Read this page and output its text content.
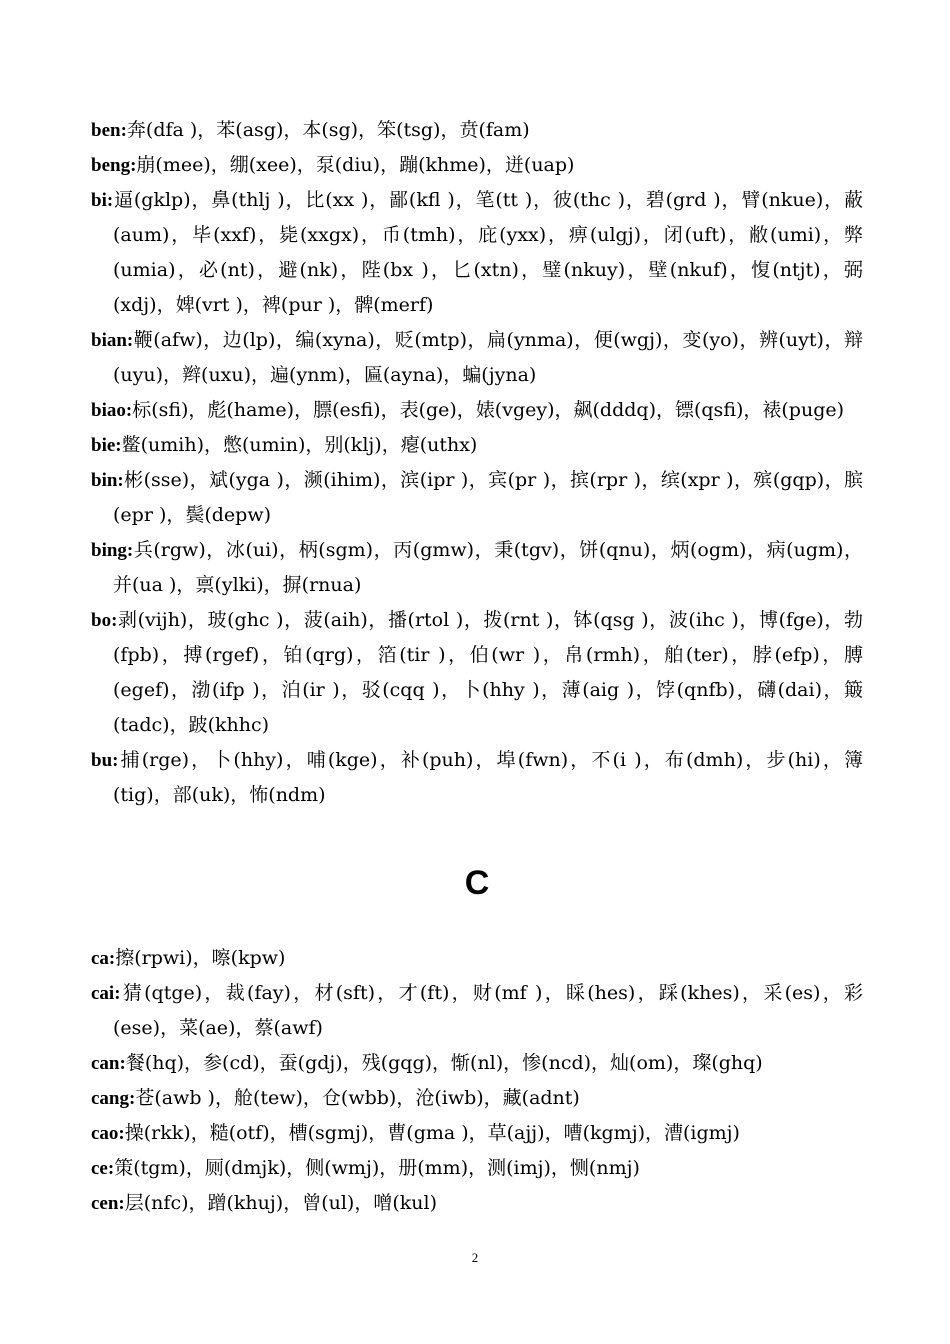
ben:奔(dfa )，苯(asg)，本(sg)，笨(tsg)，贲(fam)

beng:崩(mee)，绷(xee)，泵(diu)，蹦(khme)，迸(uap)

bi:逼(gklp)，鼻(thlj )，比(xx )，鄙(kfl )，笔(tt )，彼(thc )，碧(grd )，臂(nkue)，蔽(aum)，毕(xxf)，毙(xxgx)，币(tmh)，庇(yxx)，痹(ulgj)，闭(uft)，敝(umi)，弊(umia)，必(nt)，避(nk)，陛(bx )，匕(xtn)，璧(nkuy)，壁(nkuf)，愎(ntjt)，弼(xdj)，婢(vrt )，裨(pur )，髀(merf)

bian:鞭(afw)，边(lp)，编(xyna)，贬(mtp)，扁(ynma)，便(wgj)，变(yo)，辨(uyt)，辩(uyu)，辫(uxu)，遍(ynm)，匾(ayna)，蝙(jyna)

biao:标(sfi)，彪(hame)，膘(esfi)，表(ge)，婊(vgey)，飙(dddq)，镖(qsfi)，裱(puge)

bie:鳖(umih)，憋(umin)，别(klj)，瘪(uthx)

bin:彬(sse)，斌(yga )，濒(ihim)，滨(ipr )，宾(pr )，摈(rpr )，缤(xpr )，殡(gqp)，膑(epr )，鬓(depw)

bing:兵(rgw)，冰(ui)，柄(sgm)，丙(gmw)，秉(tgv)，饼(qnu)，炳(ogm)，病(ugm)，并(ua )，禀(ylki)，摒(rnua)

bo:剥(vijh)，玻(ghc )，菠(aih)，播(rtol )，拨(rnt )，钵(qsg )，波(ihc )，博(fge)，勃(fpb)，搏(rgef)，铂(qrg)，箔(tir )，伯(wr )，帛(rmh)，舶(ter)，脖(efp)，膊(egef)，渤(ifp )，泊(ir )，驳(cqq )，卜(hhy )，薄(aig )，饽(qnfb)，礴(dai)，簸(tadc)，跛(khhc)

bu:捕(rge)，卜(hhy)，哺(kge)，补(puh)，埠(fwn)，不(i )，布(dmh)，步(hi)，簿(tig)，部(uk)，怖(ndm)

C

ca:擦(rpwi)，嚓(kpw)

cai:猜(qtge)，裁(fay)，材(sft)，才(ft)，财(mf )，睬(hes)，踩(khes)，采(es)，彩(ese)，菜(ae)，蔡(awf)

can:餐(hq)，参(cd)，蚕(gdj)，残(gqg)，惭(nl)，惨(ncd)，灿(om)，璨(ghq)

cang:苍(awb )，舱(tew)，仓(wbb)，沧(iwb)，藏(adnt)

cao:操(rkk)，糙(otf)，槽(sgmj)，曹(gma )，草(ajj)，嘈(kgmj)，漕(igmj)

ce:策(tgm)，厕(dmjk)，侧(wmj)，册(mm)，测(imj)，恻(nmj)

cen:层(nfc)，蹭(khuj)，曾(ul)，噌(kul)

2
